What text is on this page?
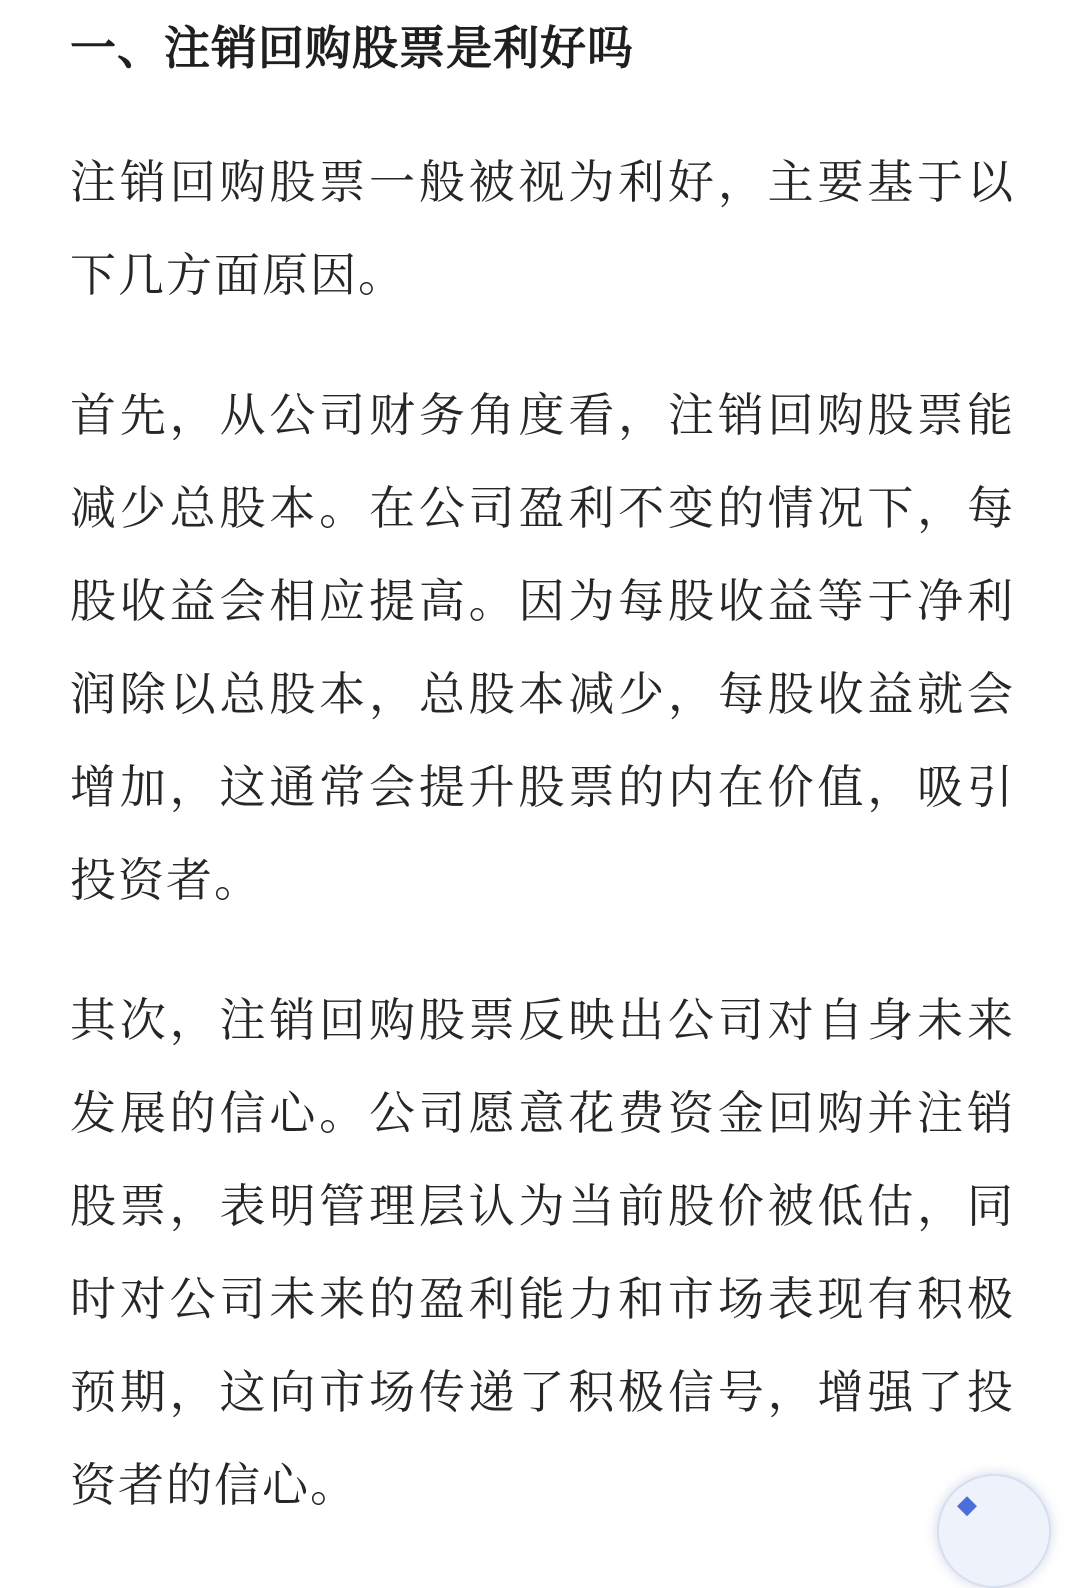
一、注销回购股票是利好吗

注销回购股票一般被视为利好，主要基于以下几方面原因。

首先，从公司财务角度看，注销回购股票能减少总股本。在公司盈利不变的情况下，每股收益会相应提高。因为每股收益等于净利润除以总股本，总股本减少，每股收益就会增加，这通常会提升股票的内在价值，吸引投资者。

其次，注销回购股票反映出公司对自身未来发展的信心。公司愿意花费资金回购并注销股票，表明管理层认为当前股价被低估，同时对公司未来的盈利能力和市场表现有积极预期，这向市场传递了积极信号，增强了投资者的信心。	◆
